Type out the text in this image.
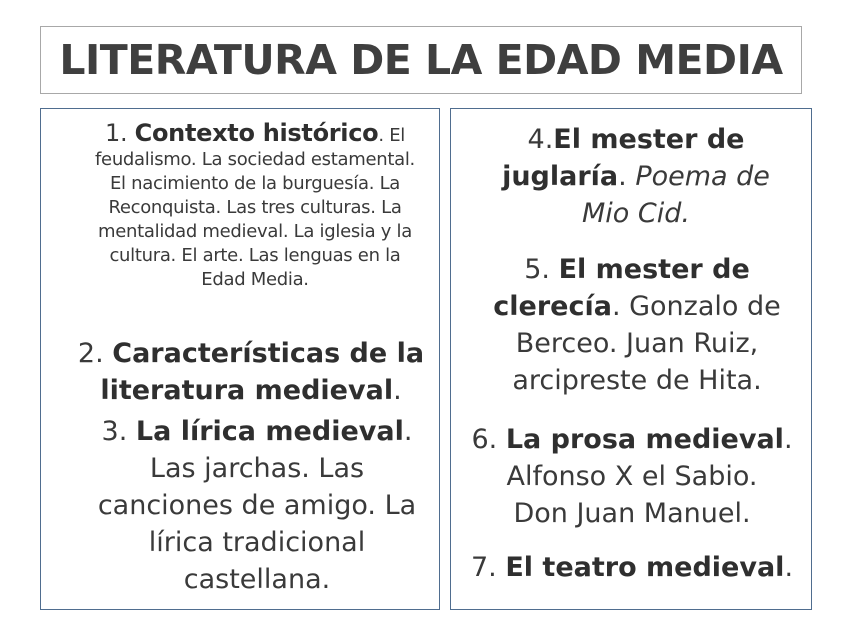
LITERATURA DE LA EDAD MEDIA

1. Contexto histórico. El feudalismo. La sociedad estamental. El nacimiento de la burguesía. La Reconquista. Las tres culturas. La mentalidad medieval. La iglesia y la cultura. El arte. Las lenguas en la Edad Media.

2. Características de la literatura medieval.

3. La lírica medieval.
Las jarchas. Las canciones de amigo. La lírica tradicional castellana.

4.El mester de juglaría. Poema de Mio Cid.

5. El mester de clerecía. Gonzalo de Berceo. Juan Ruiz, arcipreste de Hita.

6. La prosa medieval.
Alfonso X el Sabio. Don Juan Manuel.

7. El teatro medieval.
